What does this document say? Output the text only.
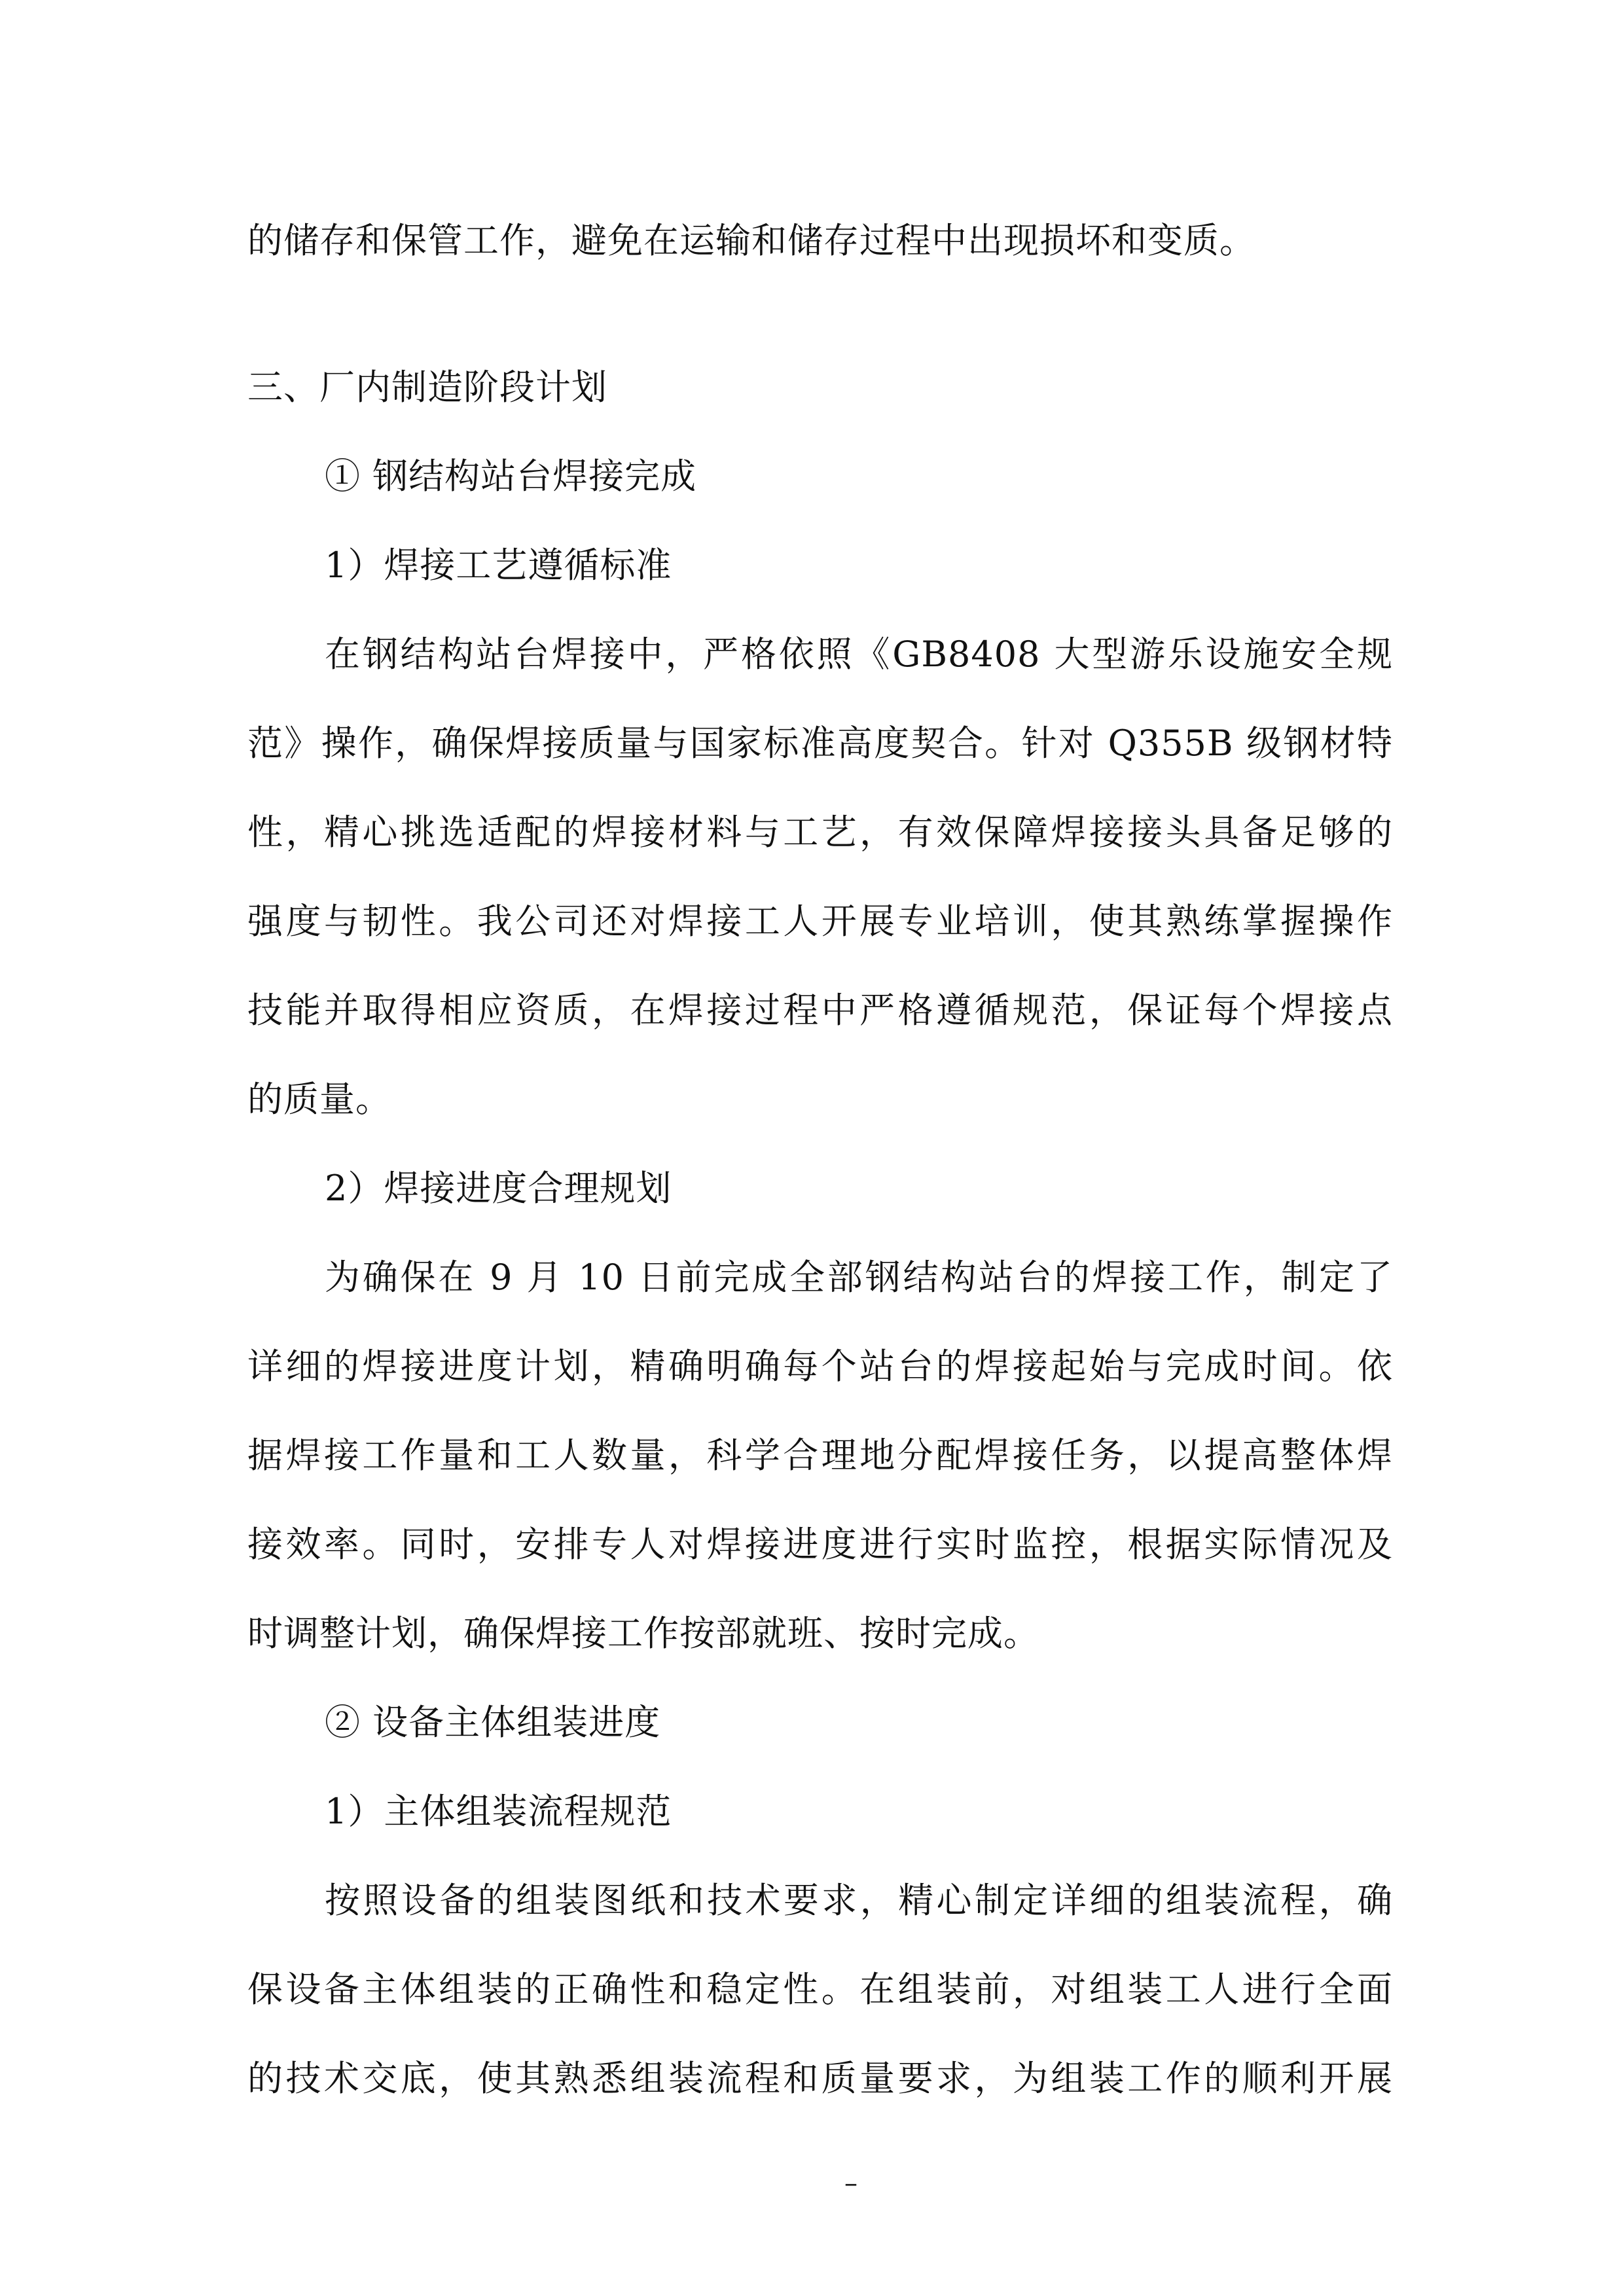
的储存和保管工作，避免在运输和储存过程中出现损坏和变质。

三、厂内制造阶段计划

① 钢结构站台焊接完成
1）焊接工艺遵循标准
在钢结构站台焊接中，严格依照《GB8408 大型游乐设施安全规
范》操作，确保焊接质量与国家标准高度契合。针对 Q355B 级钢材特
性，精心挑选适配的焊接材料与工艺，有效保障焊接接头具备足够的
强度与韧性。我公司还对焊接工人开展专业培训，使其熟练掌握操作
技能并取得相应资质，在焊接过程中严格遵循规范，保证每个焊接点
的质量。
2）焊接进度合理规划
为确保在 9 月 10 日前完成全部钢结构站台的焊接工作，制定了
详细的焊接进度计划，精确明确每个站台的焊接起始与完成时间。依
据焊接工作量和工人数量，科学合理地分配焊接任务，以提高整体焊
接效率。同时，安排专人对焊接进度进行实时监控，根据实际情况及
时调整计划，确保焊接工作按部就班、按时完成。
② 设备主体组装进度
1）主体组装流程规范
按照设备的组装图纸和技术要求，精心制定详细的组装流程，确
保设备主体组装的正确性和稳定性。在组装前，对组装工人进行全面
的技术交底，使其熟悉组装流程和质量要求，为组装工作的顺利开展

–
